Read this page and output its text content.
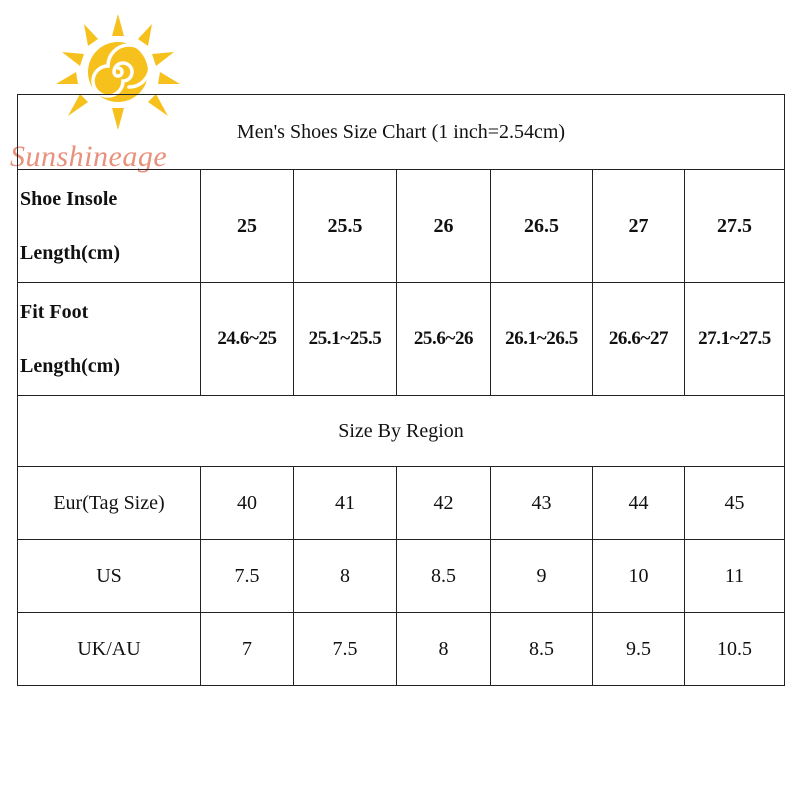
Sunshineage
Men's Shoes Size Chart (1 inch=2.54cm)						

Shoe Insole
Length(cm)	25	25.5	26	26.5	27	27.5

Fit Foot
Length(cm)	24.6~25	25.1~25.5	25.6~26	26.1~26.5	26.6~27	27.1~27.5
Size By Region						
Eur(Tag Size)	40	41	42	43	44	45
US	7.5	8	8.5	9	10	11
UK/AU	7	7.5	8	8.5	9.5	10.5
